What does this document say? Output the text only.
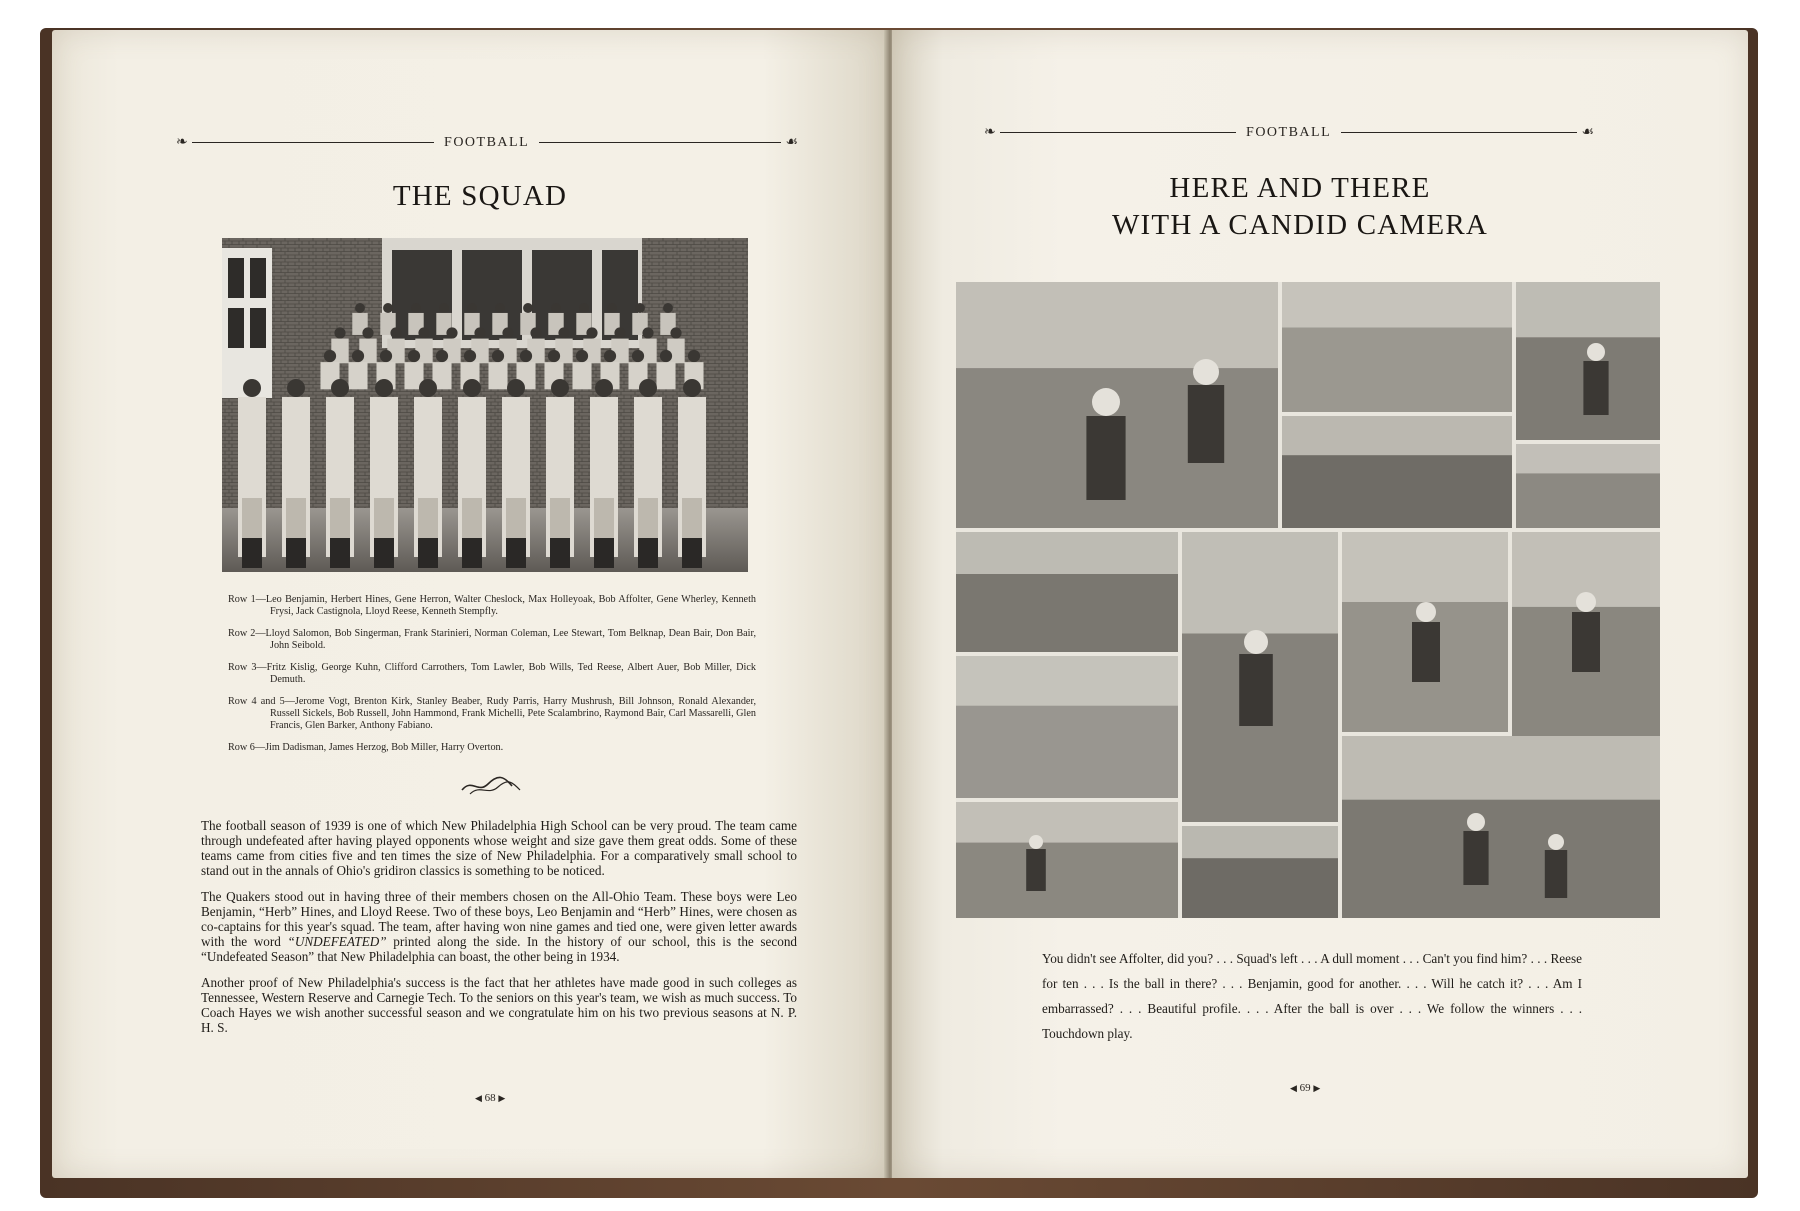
❧	FOOTBALL	☙
THE SQUAD
Row 1—Leo Benjamin, Herbert Hines, Gene Herron, Walter Cheslock, Max Holleyoak, Bob Affolter, Gene Wherley, Kenneth Frysi, Jack Castignola, Lloyd Reese, Kenneth Stempfly.
Row 2—Lloyd Salomon, Bob Singerman, Frank Starinieri, Norman Coleman, Lee Stewart, Tom Belknap, Dean Bair, Don Bair, John Seibold.
Row 3—Fritz Kislig, George Kuhn, Clifford Carrothers, Tom Lawler, Bob Wills, Ted Reese, Albert Auer, Bob Miller, Dick Demuth.
Row 4 and 5—Jerome Vogt, Brenton Kirk, Stanley Beaber, Rudy Parris, Harry Mushrush, Bill Johnson, Ronald Alexander, Russell Sickels, Bob Russell, John Hammond, Frank Michelli, Pete Scalambrino, Raymond Bair, Carl Massarelli, Glen Francis, Glen Barker, Anthony Fabiano.
Row 6—Jim Dadisman, James Herzog, Bob Miller, Harry Overton.

The football season of 1939 is one of which New Philadelphia High School can be very proud. The team came through undefeated after having played opponents whose weight and size gave them great odds. Some of these teams came from cities five and ten times the size of New Philadelphia. For a comparatively small school to stand out in the annals of Ohio's gridiron classics is something to be noticed.

The Quakers stood out in having three of their members chosen on the All-Ohio Team. These boys were Leo Benjamin, “Herb” Hines, and Lloyd Reese. Two of these boys, Leo Benjamin and “Herb” Hines, were chosen as co-captains for this year's squad. The team, after having won nine games and tied one, were given letter awards with the word “UNDEFEATED” printed along the side. In the history of our school, this is the second “Undefeated Season” that New Philadelphia can boast, the other being in 1934.

Another proof of New Philadelphia's success is the fact that her athletes have made good in such colleges as Tennessee, Western Reserve and Carnegie Tech. To the seniors on this year's team, we wish as much success. To Coach Hayes we wish another successful season and we congratulate him on his two previous seasons at N. P. H. S.

◀ 68 ▶
❧	FOOTBALL	☙
HERE AND THERE
WITH A CANDID CAMERA
You didn't see Affolter, did you? . . . Squad's left . . . A dull moment . . . Can't you find him? . . . Reese for ten . . . Is the ball in there? . . . Benjamin, good for another. . . . Will he catch it? . . . Am I embarrassed? . . . Beautiful profile. . . . After the ball is over . . . We follow the winners . . . Touchdown play.
◀ 69 ▶
